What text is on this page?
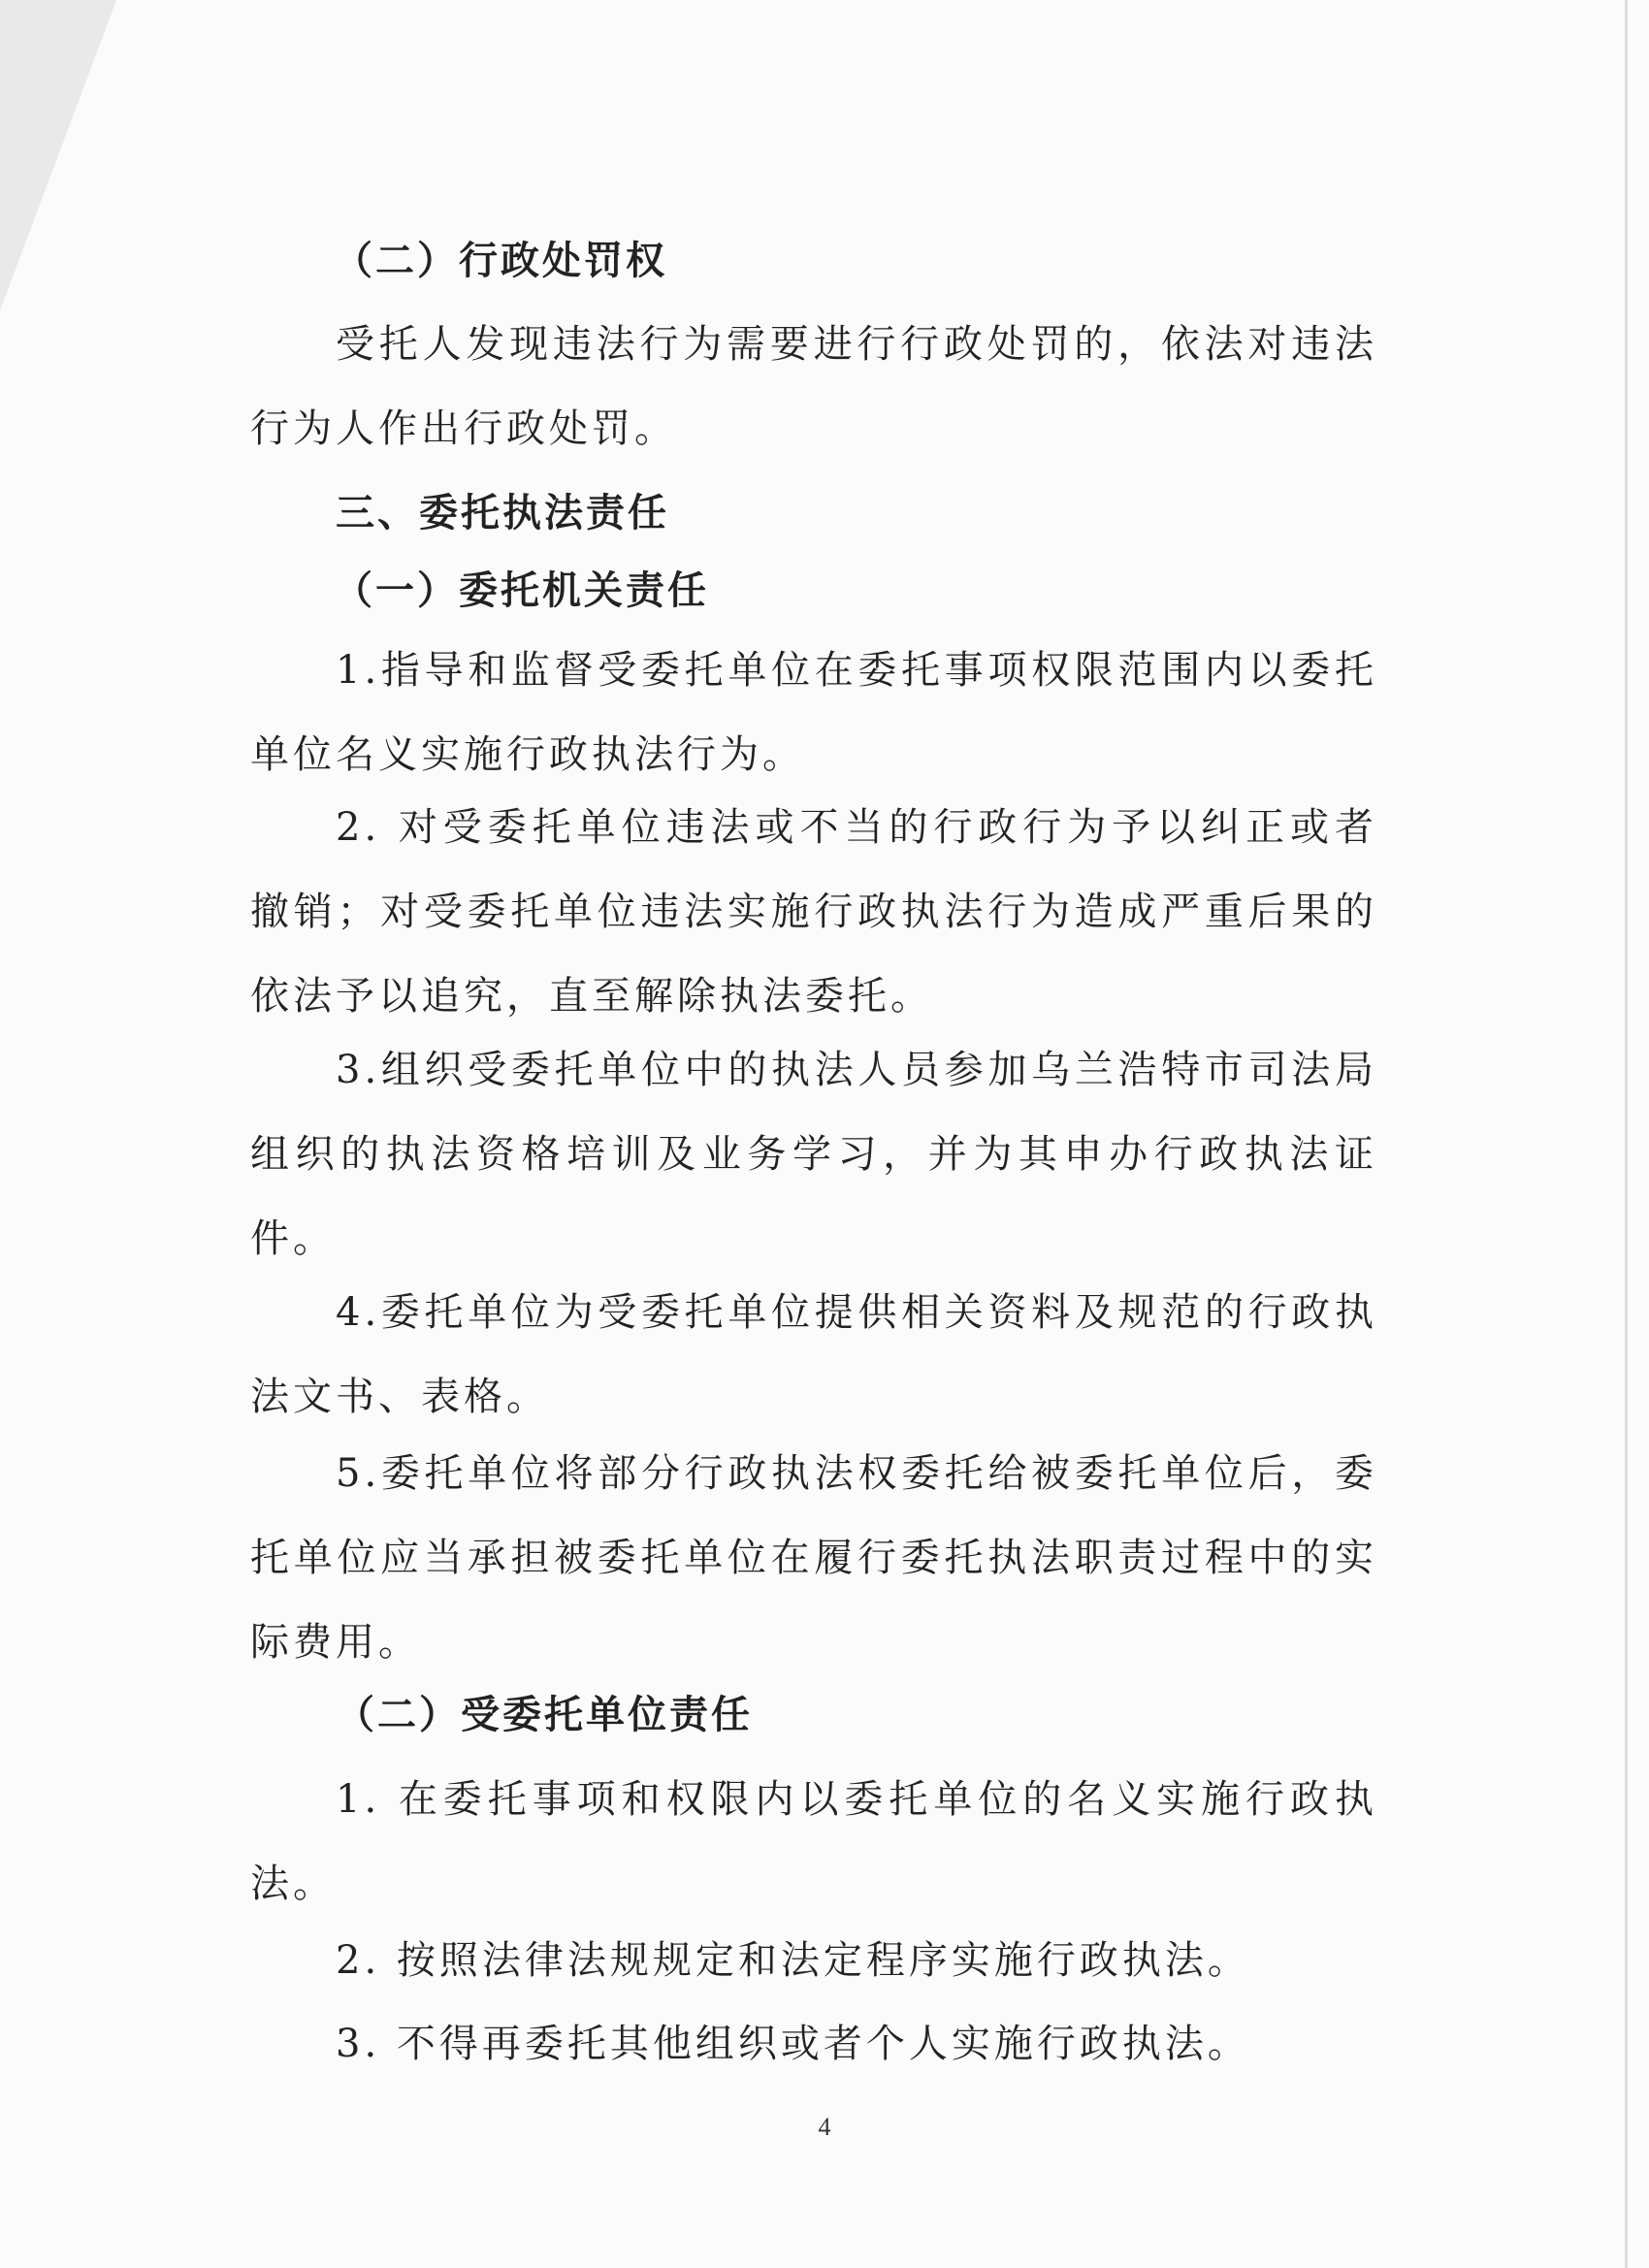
（二）行政处罚权

受托人发现违法行为需要进行行政处罚的，依法对违法行为人作出行政处罚。

三、委托执法责任

（一）委托机关责任

1.指导和监督受委托单位在委托事项权限范围内以委托单位名义实施行政执法行为。

2. 对受委托单位违法或不当的行政行为予以纠正或者撤销；对受委托单位违法实施行政执法行为造成严重后果的依法予以追究，直至解除执法委托。

3.组织受委托单位中的执法人员参加乌兰浩特市司法局组织的执法资格培训及业务学习，并为其申办行政执法证件。

4.委托单位为受委托单位提供相关资料及规范的行政执法文书、表格。

5.委托单位将部分行政执法权委托给被委托单位后，委托单位应当承担被委托单位在履行委托执法职责过程中的实际费用。

（二）受委托单位责任

1. 在委托事项和权限内以委托单位的名义实施行政执法。

2. 按照法律法规规定和法定程序实施行政执法。

3. 不得再委托其他组织或者个人实施行政执法。

4
